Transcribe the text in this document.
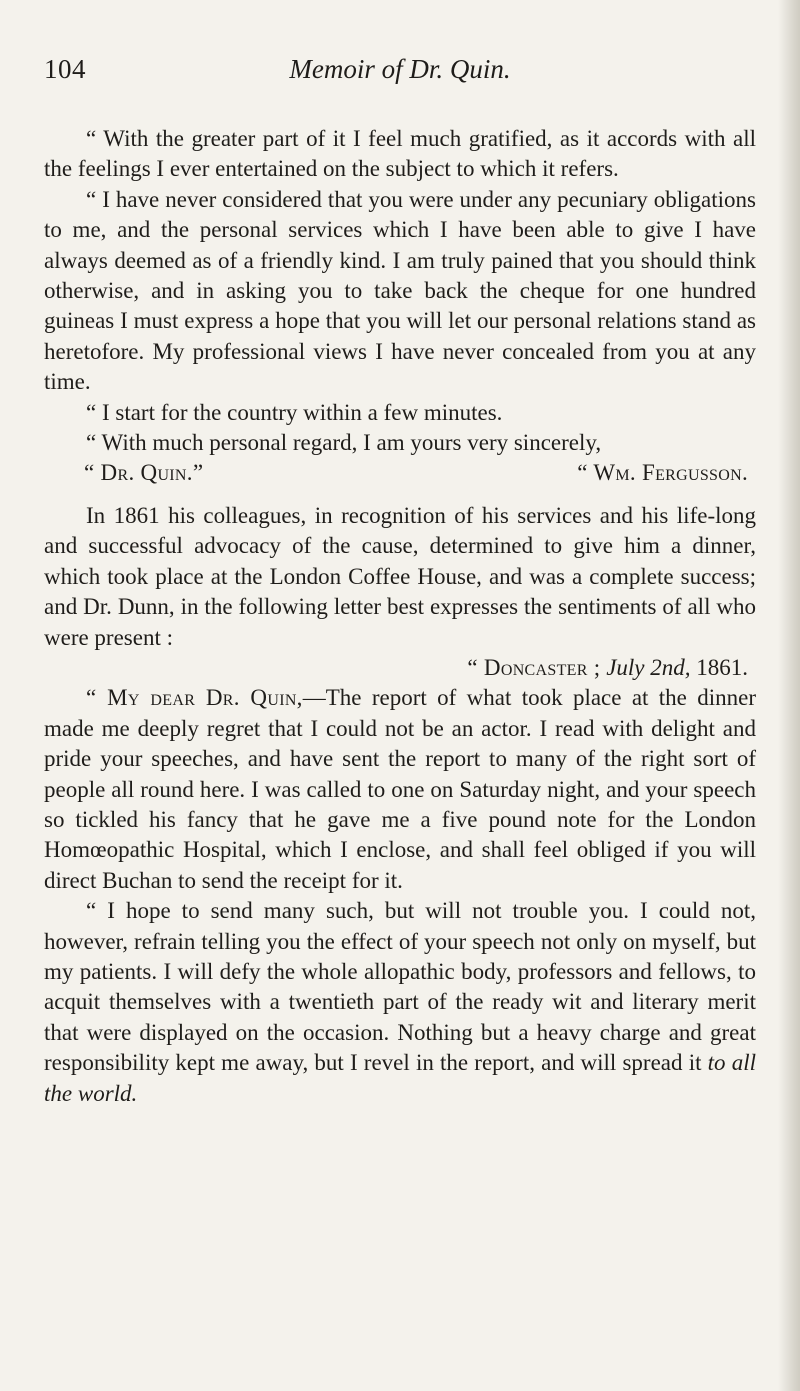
104	Memoir of Dr. Quin.

“ With the greater part of it I feel much gratified, as it accords with all the feelings I ever entertained on the subject to which it refers.

“ I have never considered that you were under any pecuniary obligations to me, and the personal services which I have been able to give I have always deemed as of a friendly kind. I am truly pained that you should think otherwise, and in asking you to take back the cheque for one hundred guineas I must express a hope that you will let our personal relations stand as heretofore. My professional views I have never concealed from you at any time.

“ I start for the country within a few minutes.

“ With much personal regard, I am yours very sincerely,

“ Dr. Quin.”	“ Wm. Fergusson.

In 1861 his colleagues, in recognition of his services and his life-long and successful advocacy of the cause, determined to give him a dinner, which took place at the London Coffee House, and was a complete success; and Dr. Dunn, in the following letter best expresses the sentiments of all who were present :

“ Doncaster ; July 2nd, 1861.

“ My dear Dr. Quin,—The report of what took place at the dinner made me deeply regret that I could not be an actor. I read with delight and pride your speeches, and have sent the report to many of the right sort of people all round here. I was called to one on Saturday night, and your speech so tickled his fancy that he gave me a five pound note for the London Homœopathic Hospital, which I enclose, and shall feel obliged if you will direct Buchan to send the receipt for it.

“ I hope to send many such, but will not trouble you. I could not, however, refrain telling you the effect of your speech not only on myself, but my patients. I will defy the whole allopathic body, professors and fellows, to acquit themselves with a twentieth part of the ready wit and literary merit that were displayed on the occasion. Nothing but a heavy charge and great responsibility kept me away, but I revel in the report, and will spread it to all the world.
